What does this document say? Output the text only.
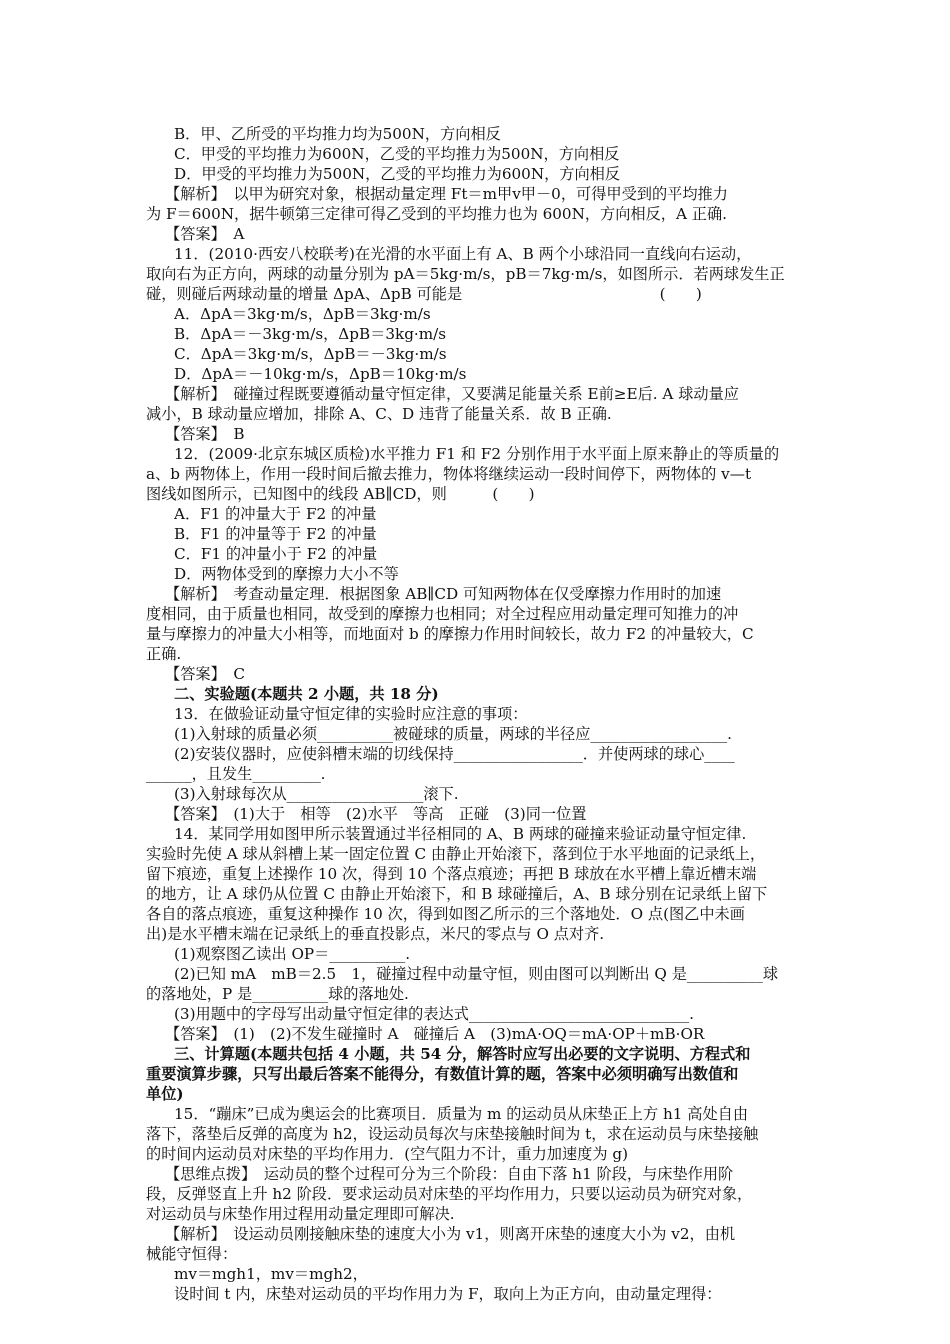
B．甲、乙所受的平均推力均为500N，方向相反
C．甲受的平均推力为600N，乙受的平均推力为500N，方向相反
D．甲受的平均推力为500N，乙受的平均推力为600N，方向相反
【解析】　以甲为研究对象，根据动量定理 Ft＝m甲v甲－0，可得甲受到的平均推力
为 F＝600N，据牛顿第三定律可得乙受到的平均推力也为 600N，方向相反，A 正确.
【答案】　A
11．(2010·西安八校联考)在光滑的水平面上有 A、B 两个小球沿同一直线向右运动，
取向右为正方向，两球的动量分别为 pA＝5kg·m/s，pB＝7kg·m/s，如图所示．若两球发生正
碰，则碰后两球动量的增量 ΔpA、ΔpB 可能是　　　　　　　　　　　　　(　　)
A．ΔpA＝3kg·m/s，ΔpB＝3kg·m/s
B．ΔpA＝－3kg·m/s，ΔpB＝3kg·m/s
C．ΔpA＝3kg·m/s，ΔpB＝－3kg·m/s
D．ΔpA＝－10kg·m/s，ΔpB＝10kg·m/s
【解析】　碰撞过程既要遵循动量守恒定律，又要满足能量关系 E前≥E后. A 球动量应
减小，B 球动量应增加，排除 A、C、D 违背了能量关系．故 B 正确.
【答案】　B
12．(2009·北京东城区质检)水平推力 F1 和 F2 分别作用于水平面上原来静止的等质量的
a、b 两物体上，作用一段时间后撤去推力，物体将继续运动一段时间停下，两物体的 v—t
图线如图所示，已知图中的线段 AB∥CD，则　　　(　　)
A．F1 的冲量大于 F2 的冲量
B．F1 的冲量等于 F2 的冲量
C．F1 的冲量小于 F2 的冲量
D．两物体受到的摩擦力大小不等
【解析】　考查动量定理．根据图象 AB∥CD 可知两物体在仅受摩擦力作用时的加速
度相同，由于质量也相同，故受到的摩擦力也相同；对全过程应用动量定理可知推力的冲
量与摩擦力的冲量大小相等，而地面对 b 的摩擦力作用时间较长，故力 F2 的冲量较大，C
正确.
【答案】　C
二、实验题(本题共 2 小题，共 18 分)
13．在做验证动量守恒定律的实验时应注意的事项：
(1)入射球的质量必须__________被碰球的质量，两球的半径应__________________.
(2)安装仪器时，应使斜槽末端的切线保持_________________．并使两球的球心____
______，且发生_________.
(3)入射球每次从__________________滚下.
【答案】　(1)大于　相等　(2)水平　等高　正碰　(3)同一位置
14．某同学用如图甲所示装置通过半径相同的 A、B 两球的碰撞来验证动量守恒定律.
实验时先使 A 球从斜槽上某一固定位置 C 由静止开始滚下，落到位于水平地面的记录纸上，
留下痕迹，重复上述操作 10 次，得到 10 个落点痕迹；再把 B 球放在水平槽上靠近槽末端
的地方，让 A 球仍从位置 C 由静止开始滚下，和 B 球碰撞后，A、B 球分别在记录纸上留下
各自的落点痕迹，重复这种操作 10 次，得到如图乙所示的三个落地处．O 点(图乙中未画
出)是水平槽末端在记录纸上的垂直投影点，米尺的零点与 O 点对齐.
(1)观察图乙读出 OP＝__________.
(2)已知 mA　mB＝2.5　1，碰撞过程中动量守恒，则由图可以判断出 Q 是__________球
的落地处，P 是__________球的落地处.
(3)用题中的字母写出动量守恒定律的表达式_____________________________.
【答案】　(1)　(2)不发生碰撞时 A　碰撞后 A　(3)mA·OQ＝mA·OP＋mB·OR
三、计算题(本题共包括 4 小题，共 54 分，解答时应写出必要的文字说明、方程式和
重要演算步骤，只写出最后答案不能得分，有数值计算的题，答案中必须明确写出数值和
单位)
15．“蹦床”已成为奥运会的比赛项目．质量为 m 的运动员从床垫正上方 h1 高处自由
落下，落垫后反弹的高度为 h2，设运动员每次与床垫接触时间为 t，求在运动员与床垫接触
的时间内运动员对床垫的平均作用力．(空气阻力不计，重力加速度为 g)
【思维点拨】　运动员的整个过程可分为三个阶段：自由下落 h1 阶段，与床垫作用阶
段，反弹竖直上升 h2 阶段．要求运动员对床垫的平均作用力，只要以运动员为研究对象，
对运动员与床垫作用过程用动量定理即可解决.
【解析】　设运动员刚接触床垫的速度大小为 v1，则离开床垫的速度大小为 v2，由机
械能守恒得：
mv＝mgh1，mv＝mgh2，
设时间 t 内，床垫对运动员的平均作用力为 F，取向上为正方向，由动量定理得：
